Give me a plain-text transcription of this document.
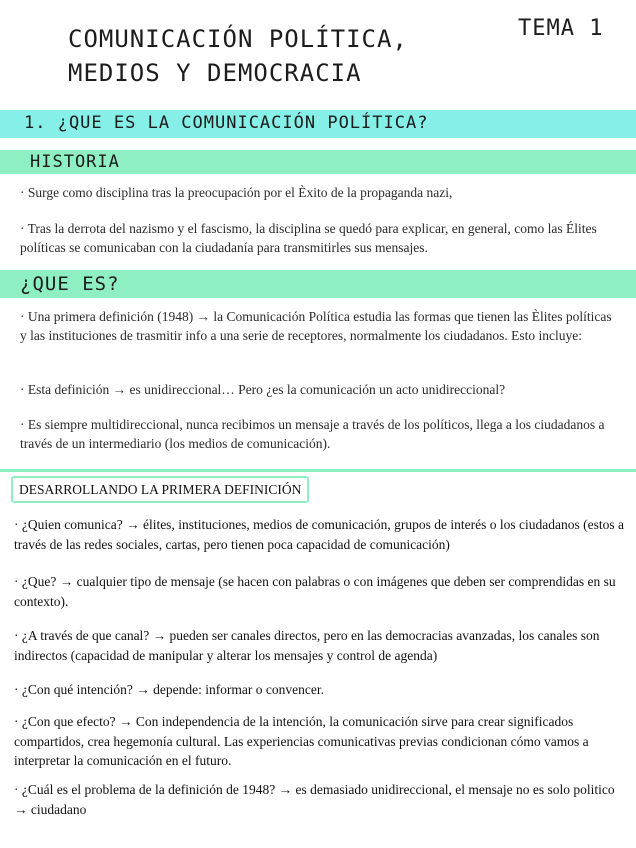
COMUNICACIÓN POLÍTICA, MEDIOS Y DEMOCRACIA
TEMA 1
1. ¿QUE ES LA COMUNICACIÓN POLÍTICA?
HISTORIA
· Surge como disciplina tras la preocupación por el Èxito de la propaganda nazi,
· Tras la derrota del nazismo y el fascismo, la disciplina se quedó para explicar, en general, como las Élites políticas se comunicaban con la ciudadanía para transmitirles sus mensajes.
¿QUE ES?
· Una primera definición (1948) → la Comunicación Política estudia las formas que tienen las Èlites políticas y las instituciones de trasmitir info a una serie de receptores, normalmente los ciudadanos. Esto incluye:
· Esta definición → es unidireccional… Pero ¿es la comunicación un acto unidireccional?
· Es siempre multidireccional, nunca recibimos un mensaje a través de los políticos, llega a los ciudadanos a través de un intermediario (los medios de comunicación).
DESARROLLANDO LA PRIMERA DEFINICIÓN
· ¿Quien comunica? → élites, instituciones, medios de comunicación, grupos de interés o los ciudadanos (estos a través de las redes sociales, cartas, pero tienen poca capacidad de comunicación)
· ¿Que? → cualquier tipo de mensaje (se hacen con palabras o con imágenes que deben ser comprendidas en su contexto).
· ¿A través de que canal? → pueden ser canales directos, pero en las democracias avanzadas, los canales son indirectos (capacidad de manipular y alterar los mensajes y control de agenda)
· ¿Con qué intención? → depende: informar o convencer.
· ¿Con que efecto? → Con independencia de la intención, la comunicación sirve para crear significados compartidos, crea hegemonía cultural. Las experiencias comunicativas previas condicionan cómo vamos a interpretar la comunicación en el futuro.
· ¿Cuál es el problema de la definición de 1948? → es demasiado unidireccional, el mensaje no es solo politico → ciudadano
